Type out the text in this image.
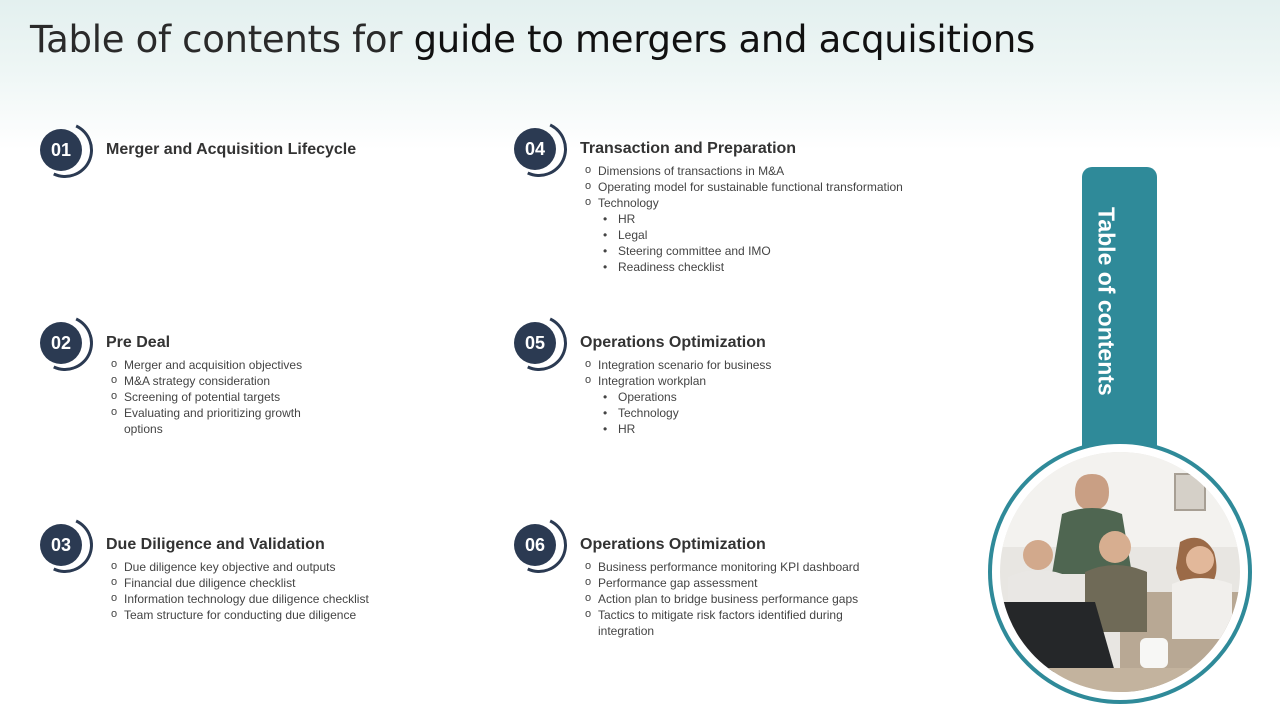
Table of contents for guide to mergers and acquisitions
01	Merger and Acquisition Lifecycle
02	Pre Deal
o Merger and acquisition objectives
o M&A strategy consideration
o Screening of potential targets
o Evaluating and prioritizing growth options
03	Due Diligence and Validation
o Due diligence key objective and outputs
o Financial due diligence checklist
o Information technology due diligence checklist
o Team structure for conducting due diligence
04	Transaction and Preparation
o Dimensions of transactions in M&A
o Operating model for sustainable functional transformation
o Technology
• HR
• Legal
• Steering committee and IMO
• Readiness checklist
05	Operations Optimization
o Integration scenario for business
o Integration workplan
• Operations
• Technology
• HR
06	Operations Optimization
o Business performance monitoring KPI dashboard
o Performance gap assessment
o Action plan to bridge business performance gaps
o Tactics to mitigate risk factors identified during integration
Table of contents
